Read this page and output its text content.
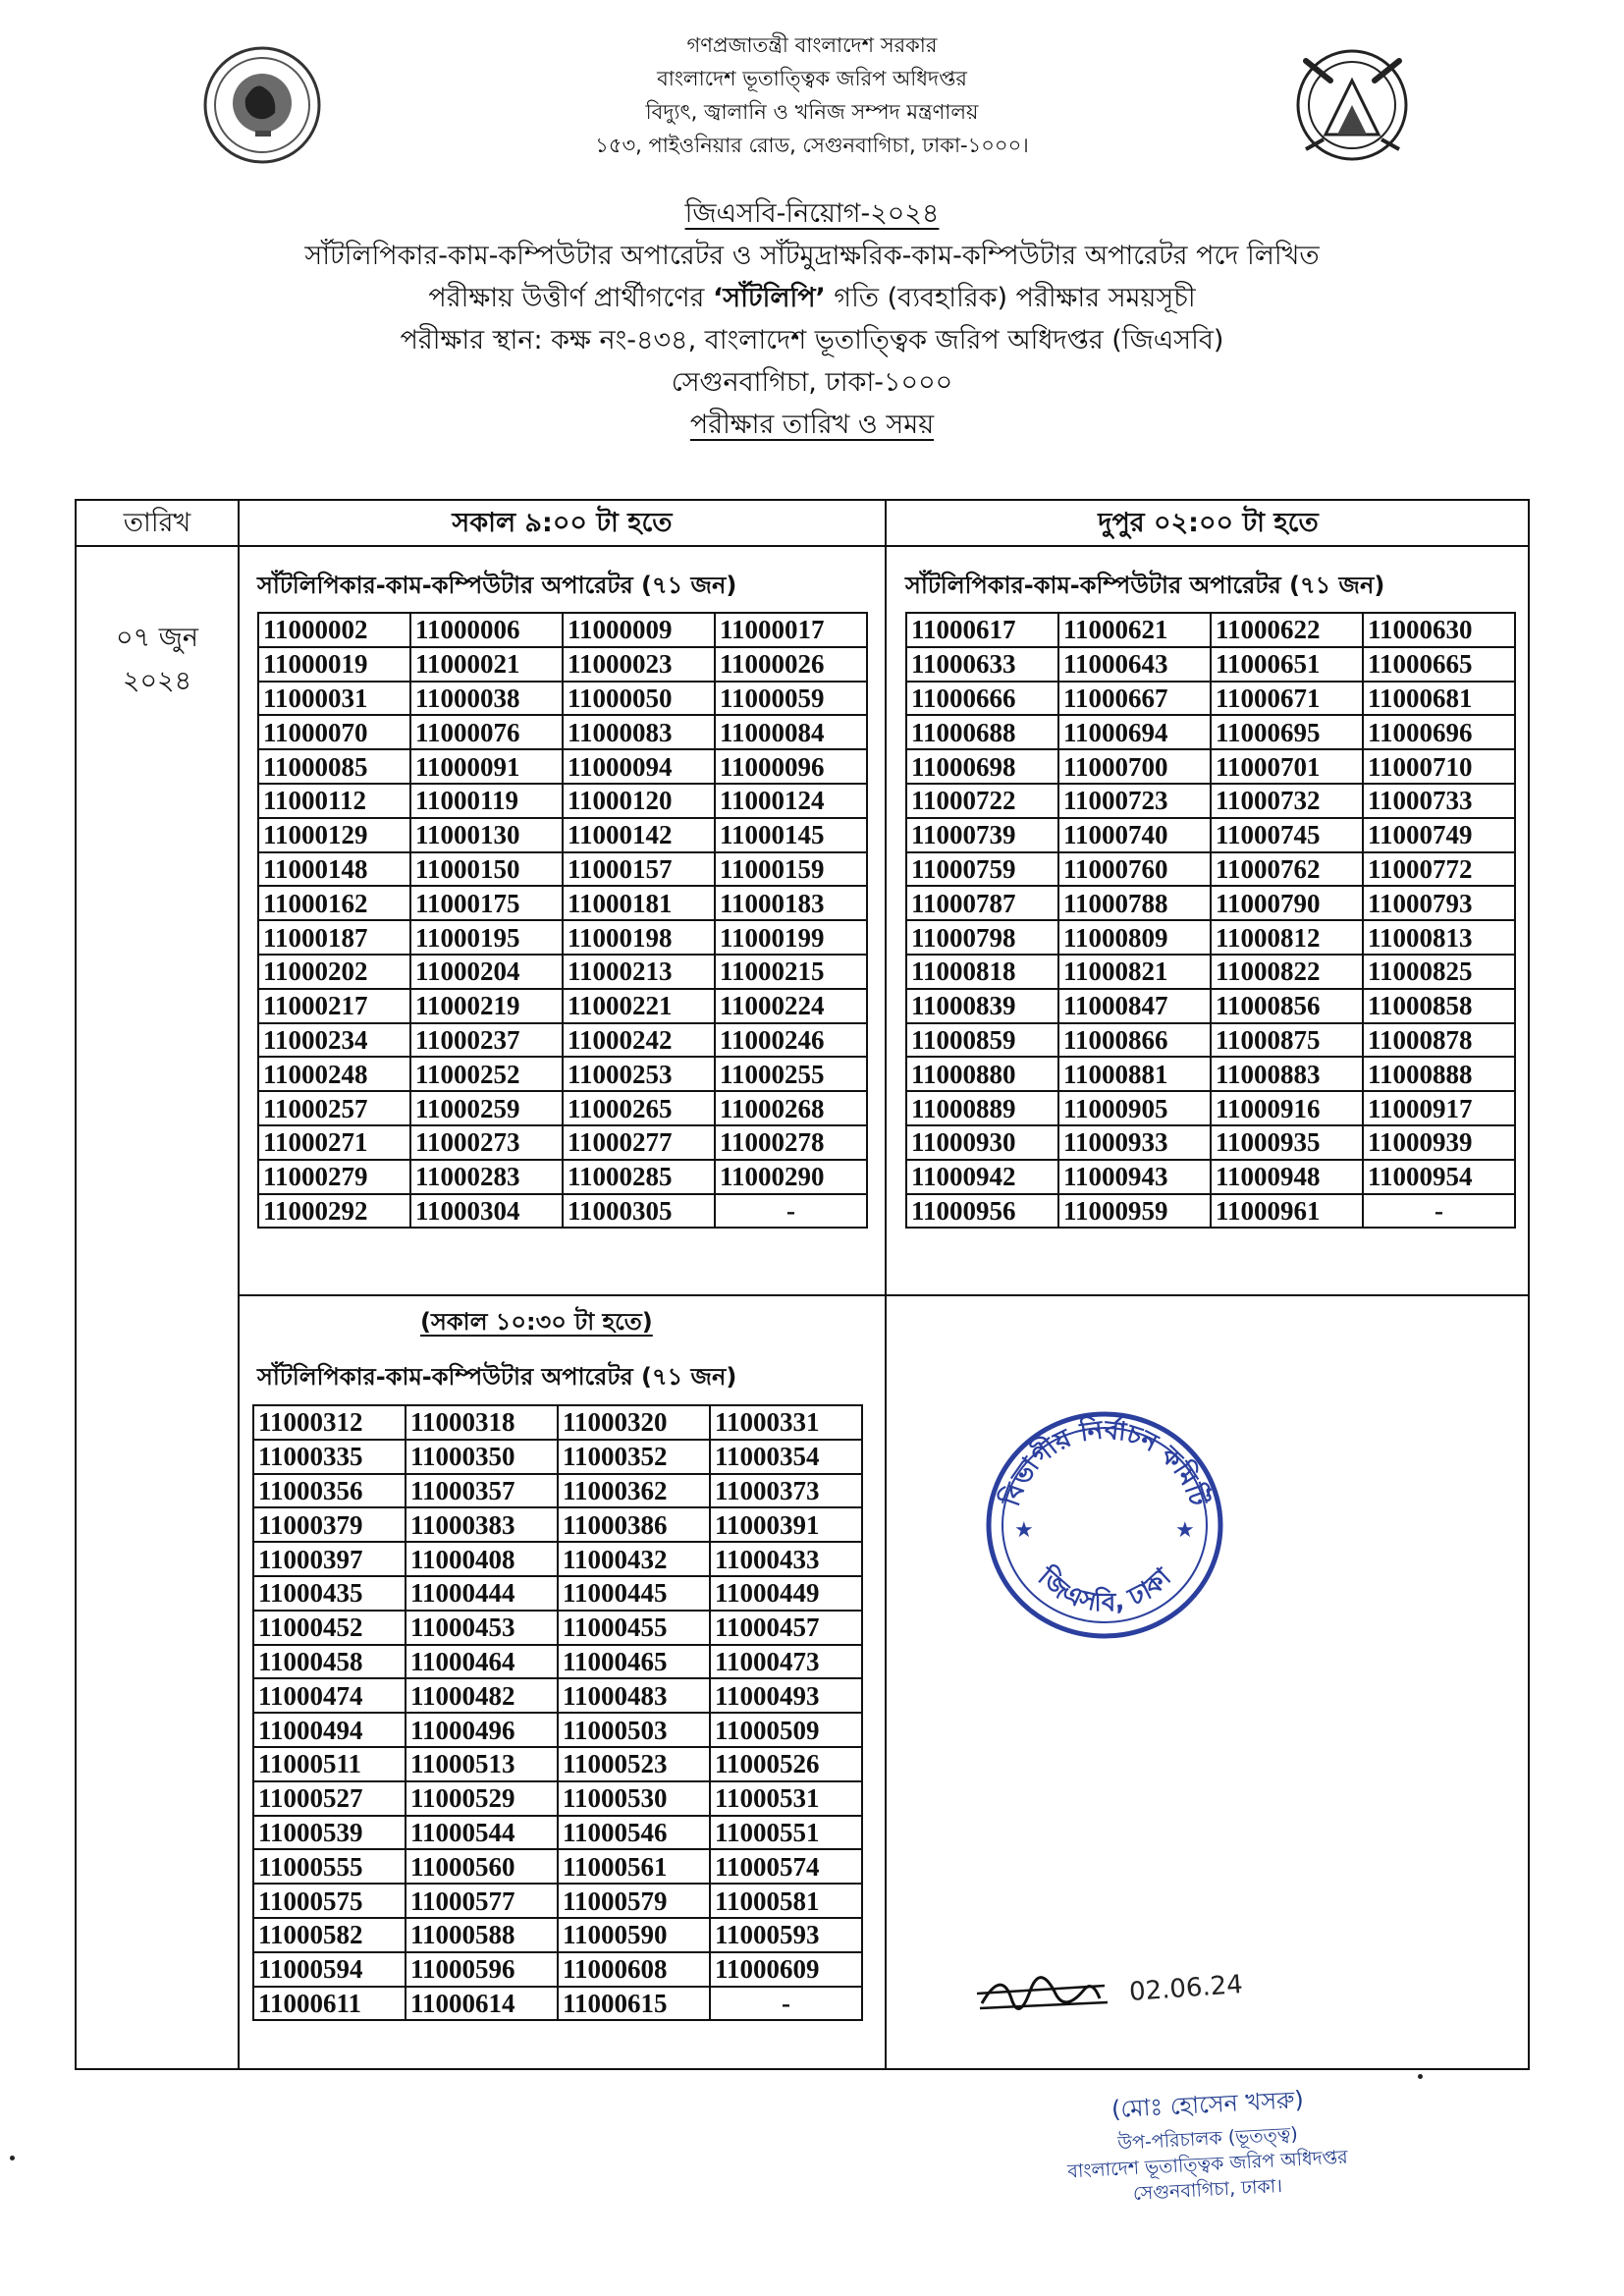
গণপ্রজাতন্ত্রী বাংলাদেশ সরকার
বাংলাদেশ ভূতাত্ত্বিক জরিপ অধিদপ্তর
বিদ্যুৎ, জ্বালানি ও খনিজ সম্পদ মন্ত্রণালয়
১৫৩, পাইওনিয়ার রোড, সেগুনবাগিচা, ঢাকা-১০০০।
জিএসবি-নিয়োগ-২০২৪
সাঁটলিপিকার-কাম-কম্পিউটার অপারেটর ও সাঁটমুদ্রাক্ষরিক-কাম-কম্পিউটার অপারেটর পদে লিখিত
পরীক্ষায় উত্তীর্ণ প্রার্থীগণের ‘সাঁটলিপি’ গতি (ব্যবহারিক) পরীক্ষার সময়সূচী
পরীক্ষার স্থান: কক্ষ নং-৪৩৪, বাংলাদেশ ভূতাত্ত্বিক জরিপ অধিদপ্তর (জিএসবি)
সেগুনবাগিচা, ঢাকা-১০০০
পরীক্ষার তারিখ ও সময়
তারিখ	সকাল ৯:০০ টা হতে	দুপুর ০২:০০ টা হতে
০৭ জুন
২০২৪
সাঁটলিপিকার-কাম-কম্পিউটার অপারেটর (৭১ জন)	সাঁটলিপিকার-কাম-কম্পিউটার অপারেটর (৭১ জন)
(সকাল ১০:৩০ টা হতে)
সাঁটলিপিকার-কাম-কম্পিউটার অপারেটর (৭১ জন)
11000002	11000006	11000009	11000017
11000019	11000021	11000023	11000026
11000031	11000038	11000050	11000059
11000070	11000076	11000083	11000084
11000085	11000091	11000094	11000096
11000112	11000119	11000120	11000124
11000129	11000130	11000142	11000145
11000148	11000150	11000157	11000159
11000162	11000175	11000181	11000183
11000187	11000195	11000198	11000199
11000202	11000204	11000213	11000215
11000217	11000219	11000221	11000224
11000234	11000237	11000242	11000246
11000248	11000252	11000253	11000255
11000257	11000259	11000265	11000268
11000271	11000273	11000277	11000278
11000279	11000283	11000285	11000290
11000292	11000304	11000305	-
11000617	11000621	11000622	11000630
11000633	11000643	11000651	11000665
11000666	11000667	11000671	11000681
11000688	11000694	11000695	11000696
11000698	11000700	11000701	11000710
11000722	11000723	11000732	11000733
11000739	11000740	11000745	11000749
11000759	11000760	11000762	11000772
11000787	11000788	11000790	11000793
11000798	11000809	11000812	11000813
11000818	11000821	11000822	11000825
11000839	11000847	11000856	11000858
11000859	11000866	11000875	11000878
11000880	11000881	11000883	11000888
11000889	11000905	11000916	11000917
11000930	11000933	11000935	11000939
11000942	11000943	11000948	11000954
11000956	11000959	11000961	-
11000312	11000318	11000320	11000331
11000335	11000350	11000352	11000354
11000356	11000357	11000362	11000373
11000379	11000383	11000386	11000391
11000397	11000408	11000432	11000433
11000435	11000444	11000445	11000449
11000452	11000453	11000455	11000457
11000458	11000464	11000465	11000473
11000474	11000482	11000483	11000493
11000494	11000496	11000503	11000509
11000511	11000513	11000523	11000526
11000527	11000529	11000530	11000531
11000539	11000544	11000546	11000551
11000555	11000560	11000561	11000574
11000575	11000577	11000579	11000581
11000582	11000588	11000590	11000593
11000594	11000596	11000608	11000609
11000611	11000614	11000615	-
বিভাগীয় নির্বাচন কমিটি
জিএসবি, ঢাকা
★	★
02.06.24
(মোঃ হোসেন খসরু)
উপ-পরিচালক (ভূতত্ত্ব)
বাংলাদেশ ভূতাত্ত্বিক জরিপ অধিদপ্তর
সেগুনবাগিচা, ঢাকা।
